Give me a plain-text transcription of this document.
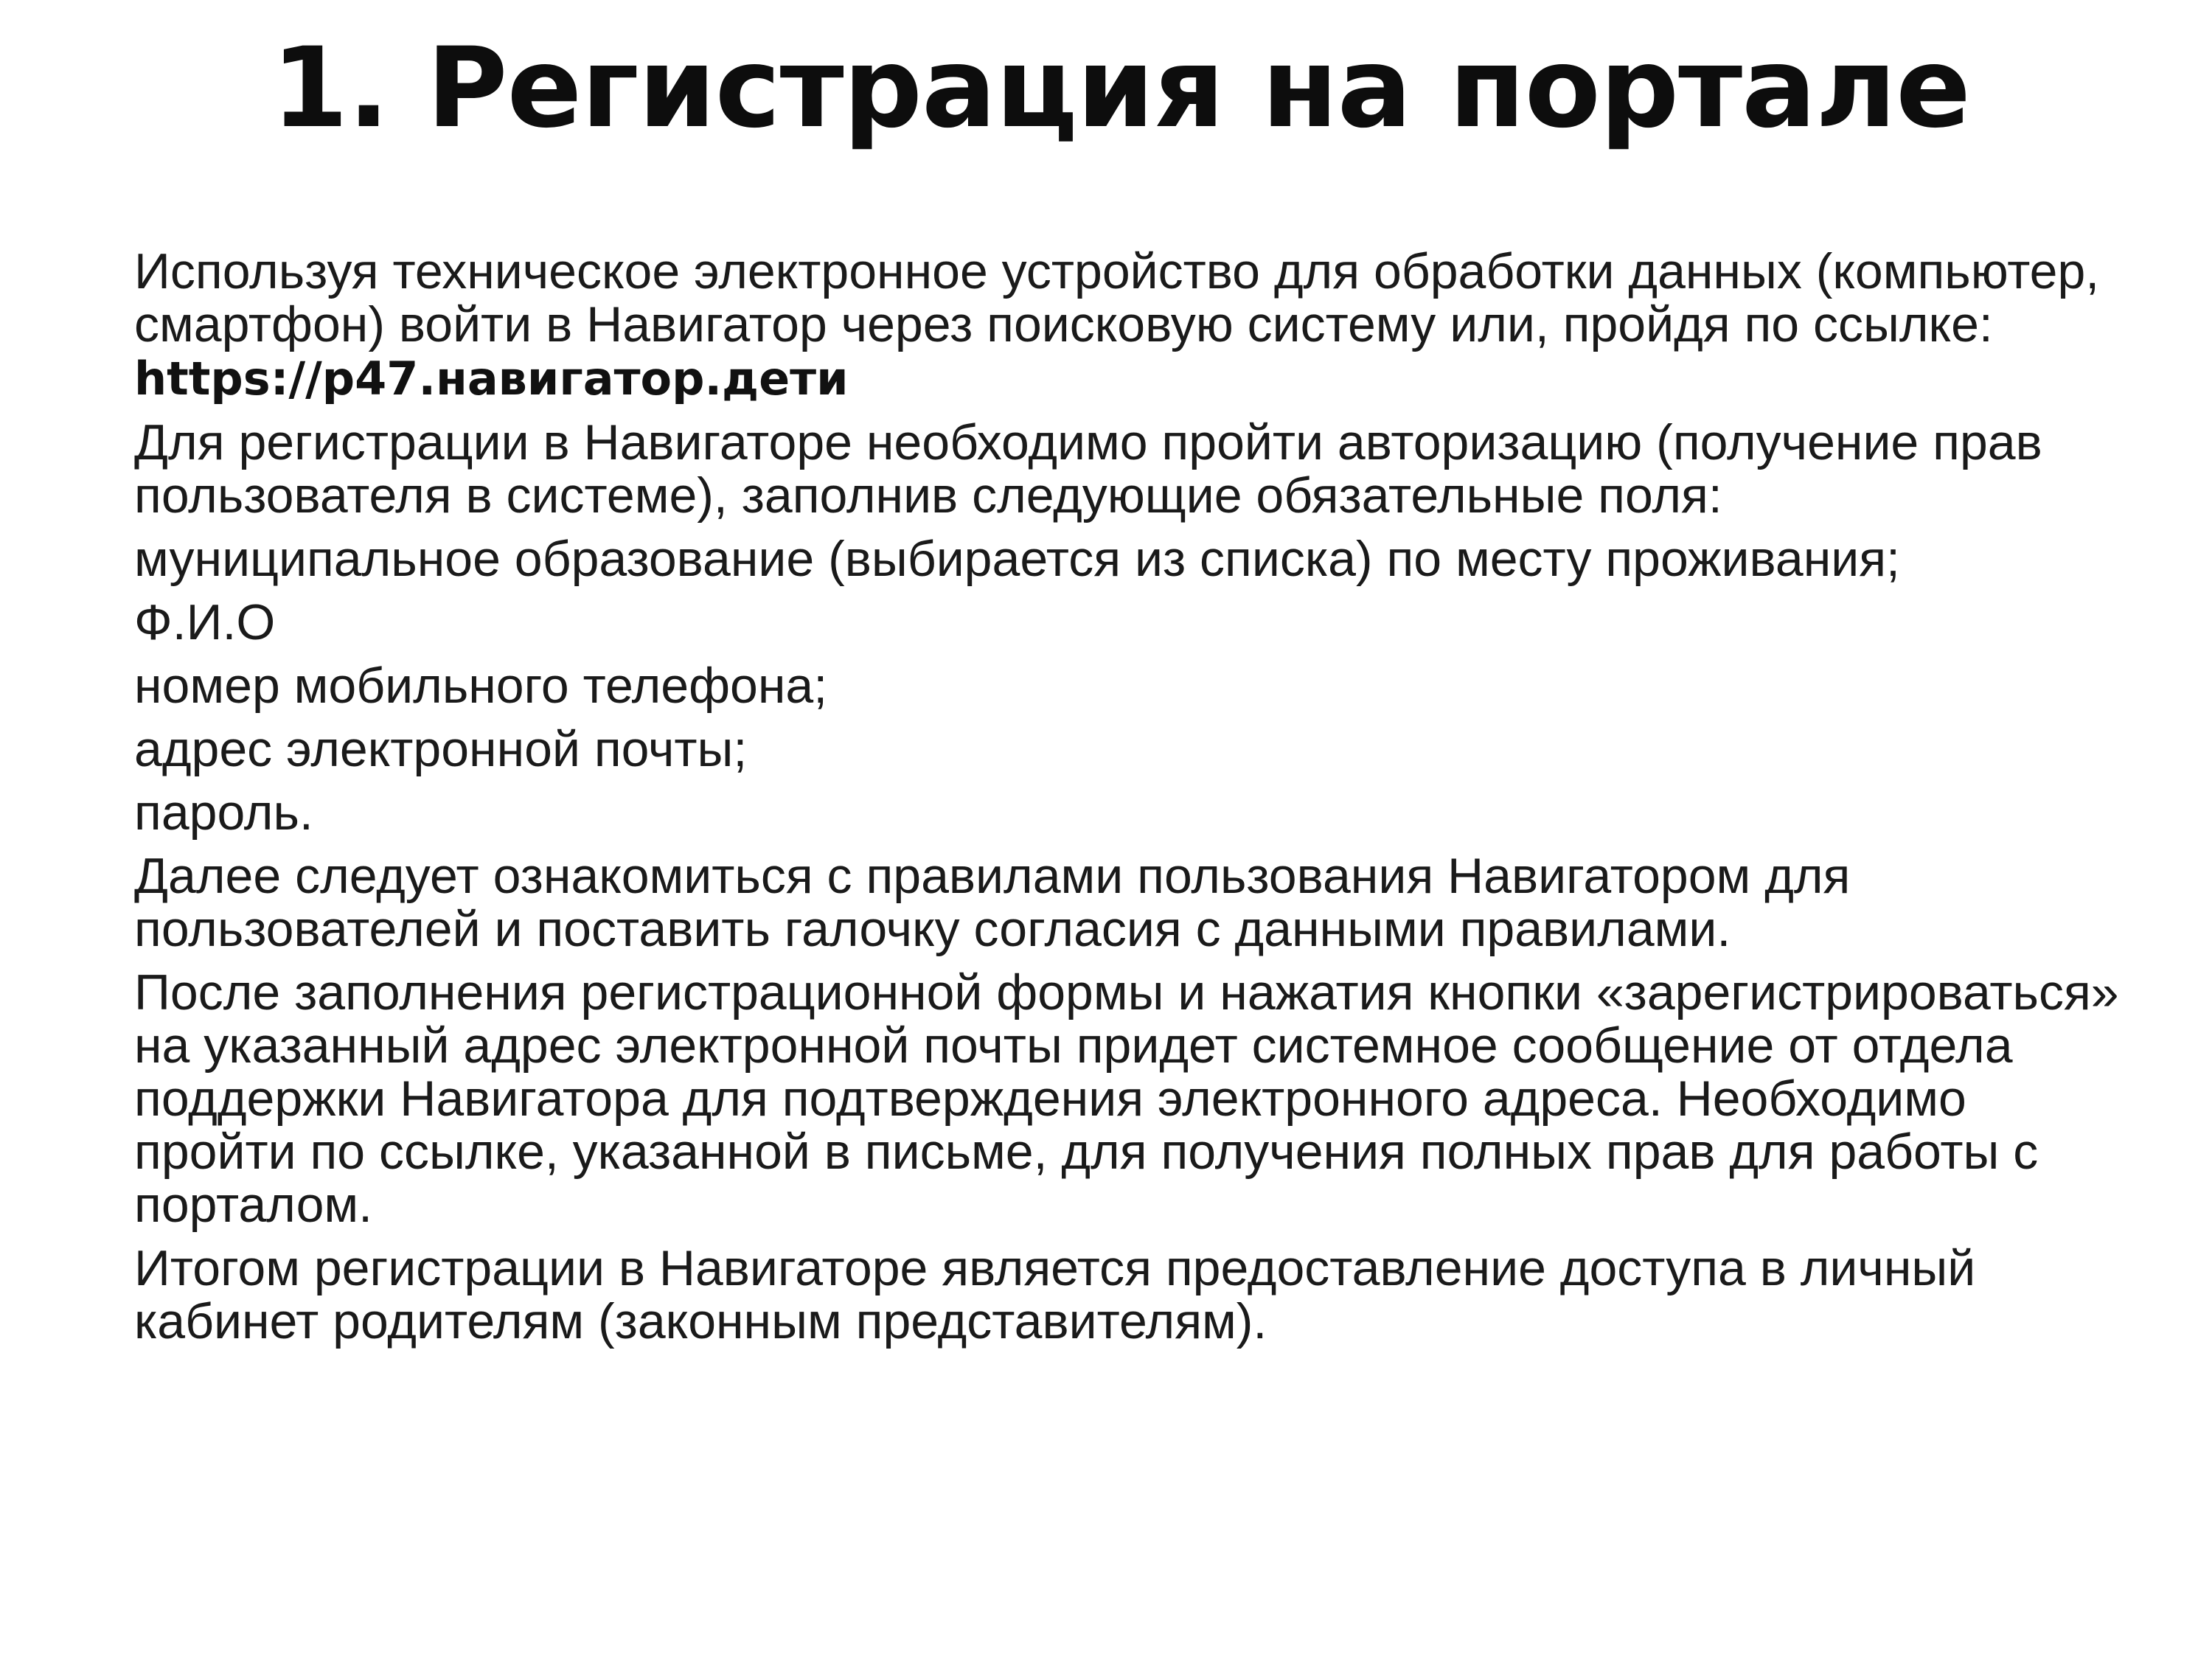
1. Регистрация на портале

Используя техническое электронное устройство для обработки данных (компьютер, смартфон) войти в Навигатор через поисковую систему или, пройдя по ссылке: https://р47.навигатор.дети

Для регистрации в Навигаторе необходимо пройти авторизацию (получение прав пользователя в системе), заполнив следующие обязательные поля:

муниципальное образование (выбирается из списка) по месту проживания;

Ф.И.О

номер мобильного телефона;

адрес электронной почты;

пароль.

Далее следует ознакомиться с правилами пользования Навигатором для пользователей и поставить галочку согласия с данными правилами.

После заполнения регистрационной формы и нажатия кнопки «зарегистрироваться» на указанный адрес электронной почты придет системное сообщение от отдела поддержки Навигатора для подтверждения электронного адреса. Необходимо пройти по ссылке, указанной в письме, для получения полных прав для работы с порталом.

Итогом регистрации в Навигаторе является предоставление доступа в личный кабинет родителям (законным представителям).
